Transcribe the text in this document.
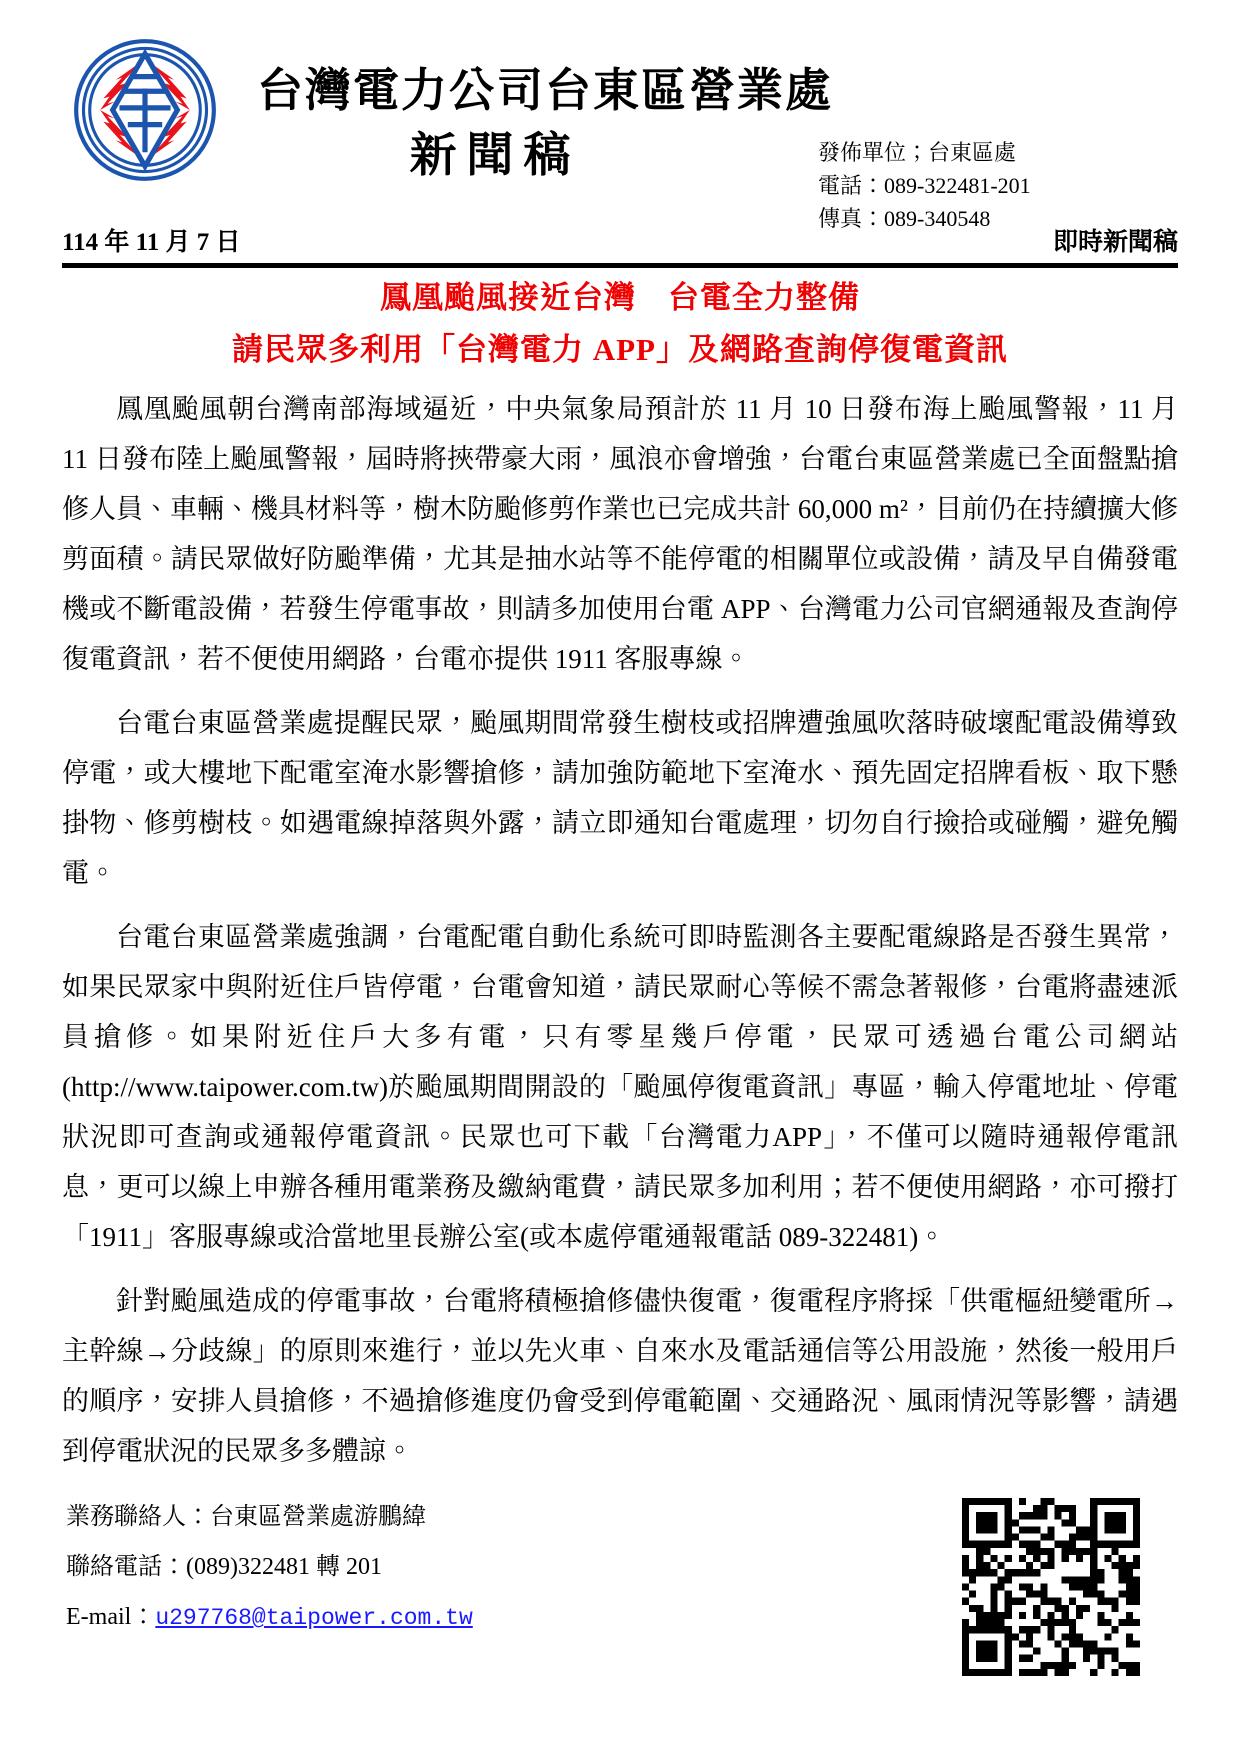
台灣電力公司台東區營業處
新聞稿	發佈單位；台東區處
電話：089-322481-201
傳真：089-340548
114 年 11 月 7 日	即時新聞稿
鳳凰颱風接近台灣　台電全力整備
請民眾多利用「台灣電力 APP」及網路查詢停復電資訊

鳳凰颱風朝台灣南部海域逼近，中央氣象局預計於 11 月 10 日發布海上颱風警報，11 月 11 日發布陸上颱風警報，屆時將挾帶豪大雨，風浪亦會增強，台電台東區營業處已全面盤點搶修人員、車輛、機具材料等，樹木防颱修剪作業也已完成共計 60,000 m²，目前仍在持續擴大修剪面積。請民眾做好防颱準備，尤其是抽水站等不能停電的相關單位或設備，請及早自備發電機或不斷電設備，若發生停電事故，則請多加使用台電 APP、台灣電力公司官網通報及查詢停復電資訊，若不便使用網路，台電亦提供 1911 客服專線。

台電台東區營業處提醒民眾，颱風期間常發生樹枝或招牌遭強風吹落時破壞配電設備導致停電，或大樓地下配電室淹水影響搶修，請加強防範地下室淹水、預先固定招牌看板、取下懸掛物、修剪樹枝。如遇電線掉落與外露，請立即通知台電處理，切勿自行撿拾或碰觸，避免觸電。

台電台東區營業處強調，台電配電自動化系統可即時監測各主要配電線路是否發生異常，如果民眾家中與附近住戶皆停電，台電會知道，請民眾耐心等候不需急著報修，台電將盡速派員搶修。如果附近住戶大多有電，只有零星幾戶停電，民眾可透過台電公司網站(http://www.taipower.com.tw)於颱風期間開設的「颱風停復電資訊」專區，輸入停電地址、停電狀況即可查詢或通報停電資訊。民眾也可下載「台灣電力APP」，不僅可以隨時通報停電訊息，更可以線上申辦各種用電業務及繳納電費，請民眾多加利用；若不便使用網路，亦可撥打「1911」客服專線或洽當地里長辦公室(或本處停電通報電話 089-322481)。

針對颱風造成的停電事故，台電將積極搶修儘快復電，復電程序將採「供電樞紐變電所→主幹線→分歧線」的原則來進行，並以先火車、自來水及電話通信等公用設施，然後一般用戶的順序，安排人員搶修，不過搶修進度仍會受到停電範圍、交通路況、風雨情況等影響，請遇到停電狀況的民眾多多體諒。

業務聯絡人：台東區營業處游鵬緯
聯絡電話：(089)322481 轉 201
E-mail：u297768@taipower.com.tw
